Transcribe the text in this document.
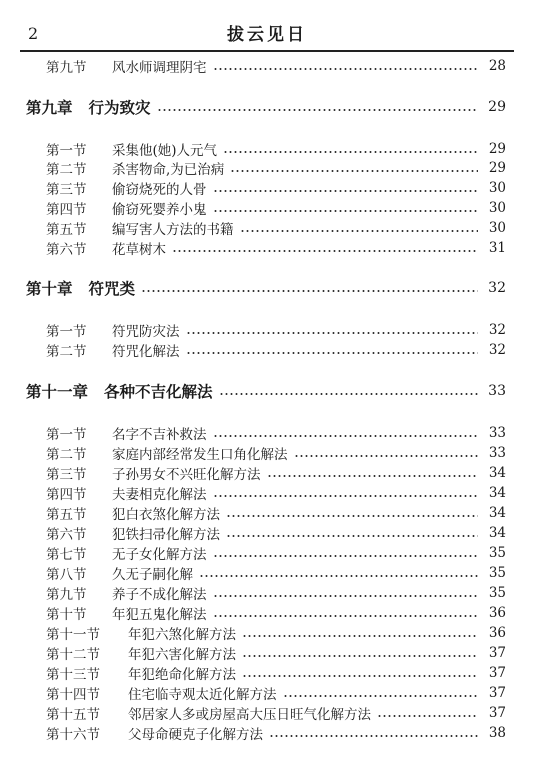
2	拔云见日
第九节	风水师调理阴宅	28
第九章 行为致灾	29
第一节	采集他(她)人元气	29
第二节	杀害物命,为已治病	29
第三节	偷窃烧死的人骨	30
第四节	偷窃死婴养小鬼	30
第五节	编写害人方法的书籍	30
第六节	花草树木	31
第十章 符咒类	32
第一节	符咒防灾法	32
第二节	符咒化解法	32
第十一章 各种不吉化解法	33
第一节	名字不吉补救法	33
第二节	家庭内部经常发生口角化解法	33
第三节	子孙男女不兴旺化解方法	34
第四节	夫妻相克化解法	34
第五节	犯白衣煞化解方法	34
第六节	犯铁扫帚化解方法	34
第七节	无子女化解方法	35
第八节	久无子嗣化解	35
第九节	养子不成化解法	35
第十节	年犯五鬼化解法	36
第十一节	年犯六煞化解方法	36
第十二节	年犯六害化解方法	37
第十三节	年犯绝命化解方法	37
第十四节	住宅临寺观太近化解方法	37
第十五节	邻居家人多或房屋高大压日旺气化解方法	37
第十六节	父母命硬克子化解方法	38
